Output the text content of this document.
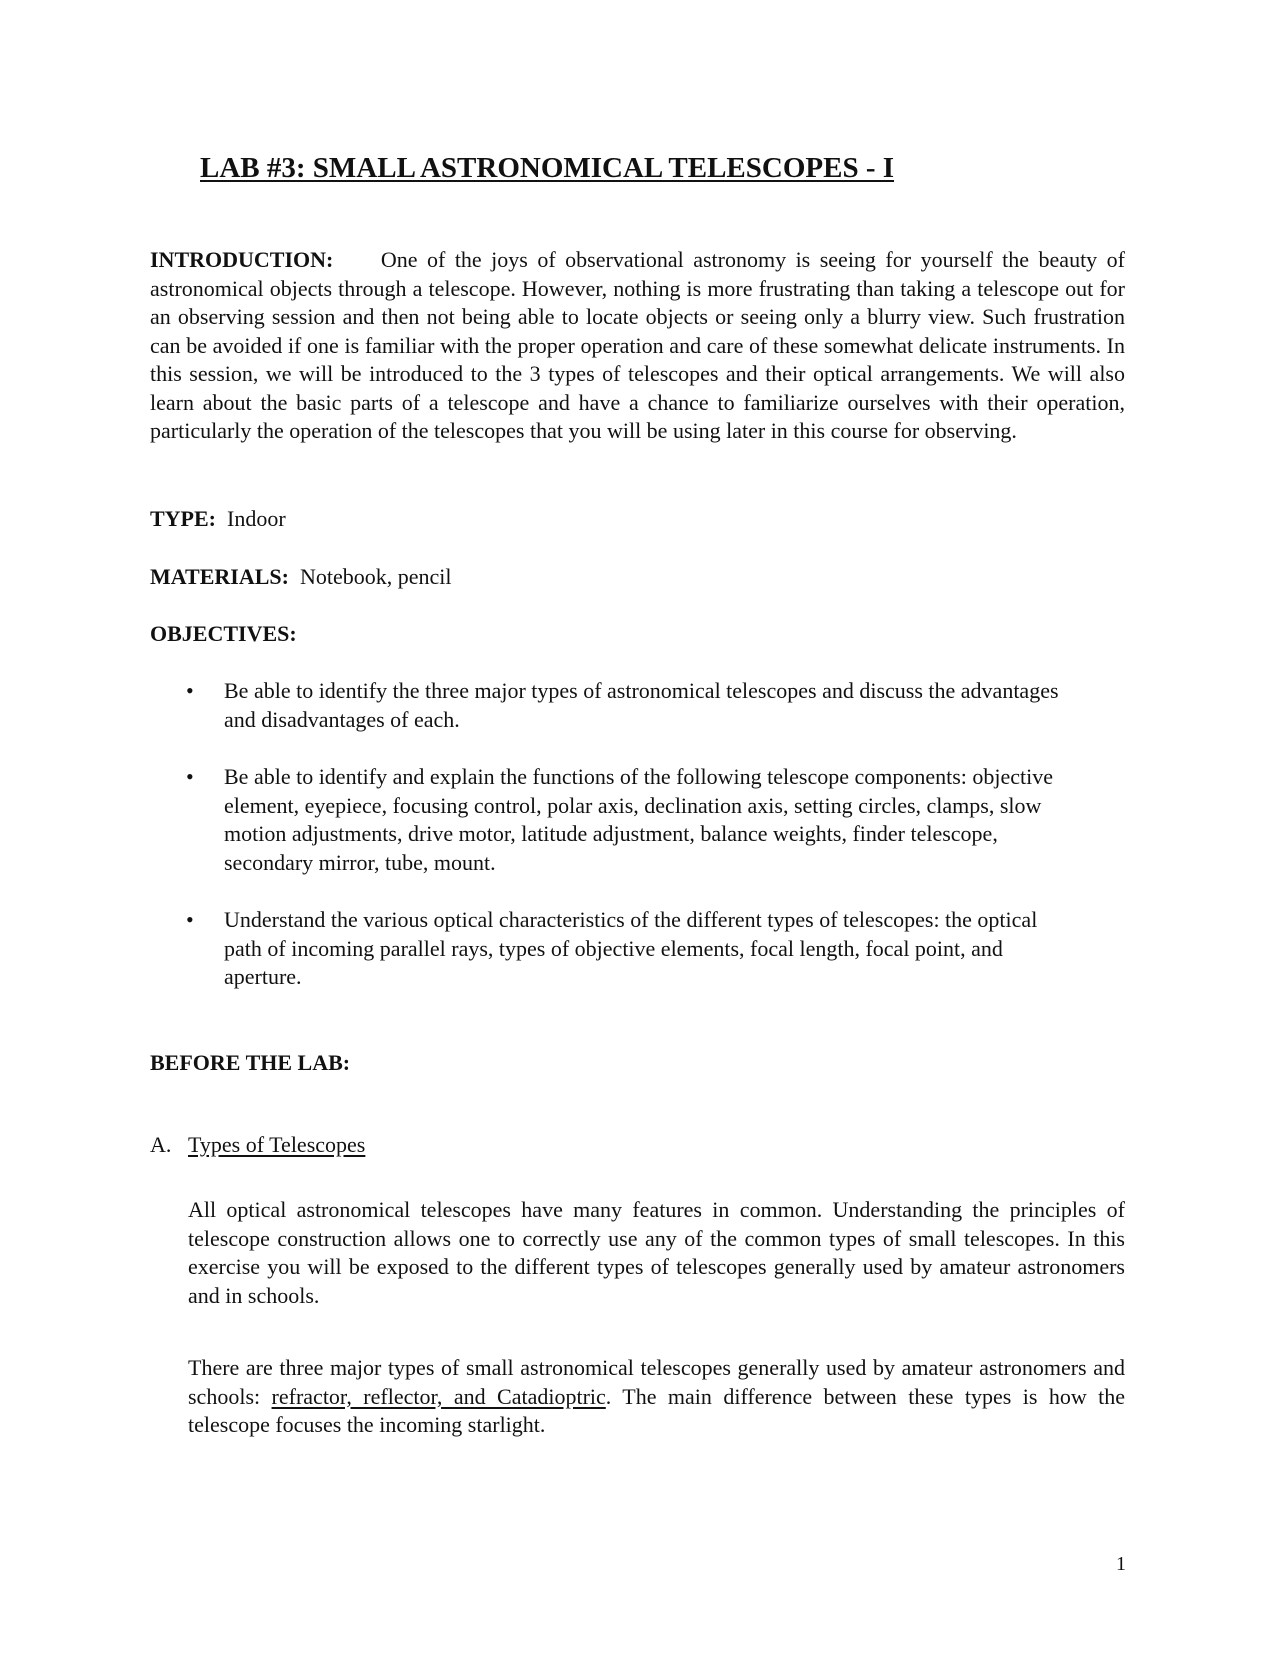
LAB #3: SMALL ASTRONOMICAL TELESCOPES - I

INTRODUCTION: One of the joys of observational astronomy is seeing for yourself the beauty of astronomical objects through a telescope. However, nothing is more frustrating than taking a telescope out for an observing session and then not being able to locate objects or seeing only a blurry view. Such frustration can be avoided if one is familiar with the proper operation and care of these somewhat delicate instruments. In this session, we will be introduced to the 3 types of telescopes and their optical arrangements. We will also learn about the basic parts of a telescope and have a chance to familiarize ourselves with their operation, particularly the operation of the telescopes that you will be using later in this course for observing.

TYPE: Indoor

MATERIALS: Notebook, pencil

OBJECTIVES:

• Be able to identify the three major types of astronomical telescopes and discuss the advantages and disadvantages of each.
• Be able to identify and explain the functions of the following telescope components: objective element, eyepiece, focusing control, polar axis, declination axis, setting circles, clamps, slow motion adjustments, drive motor, latitude adjustment, balance weights, finder telescope, secondary mirror, tube, mount.
• Understand the various optical characteristics of the different types of telescopes: the optical path of incoming parallel rays, types of objective elements, focal length, focal point, and aperture.

BEFORE THE LAB:

A. Types of Telescopes

All optical astronomical telescopes have many features in common. Understanding the principles of telescope construction allows one to correctly use any of the common types of small telescopes. In this exercise you will be exposed to the different types of telescopes generally used by amateur astronomers and in schools.

There are three major types of small astronomical telescopes generally used by amateur astronomers and schools: refractor, reflector, and Catadioptric. The main difference between these types is how the telescope focuses the incoming starlight.

1
